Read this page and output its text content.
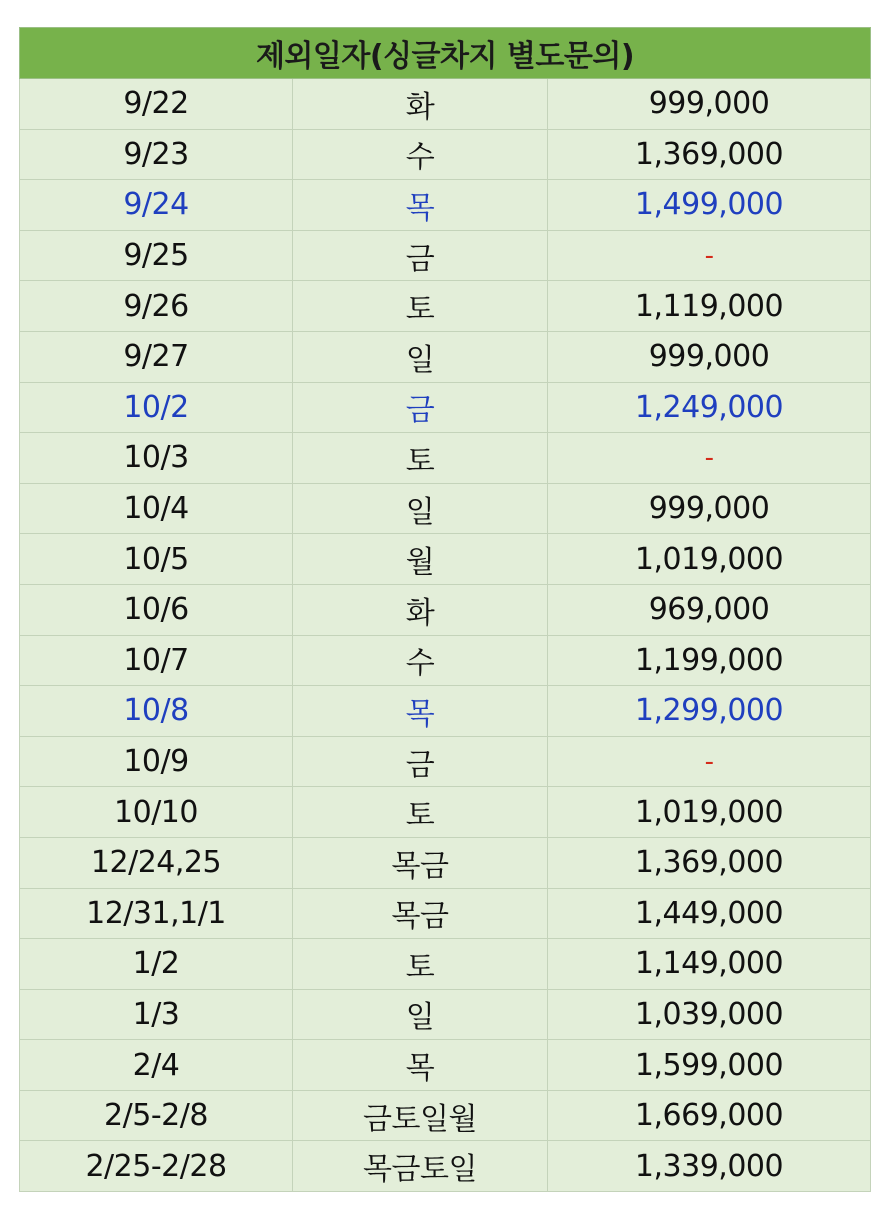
제외일자(싱글차지 별도문의)		
9/22	화	999,000
9/23	수	1,369,000
9/24	목	1,499,000
9/25	금	-
9/26	토	1,119,000
9/27	일	999,000
10/2	금	1,249,000
10/3	토	-
10/4	일	999,000
10/5	월	1,019,000
10/6	화	969,000
10/7	수	1,199,000
10/8	목	1,299,000
10/9	금	-
10/10	토	1,019,000
12/24,25	목금	1,369,000
12/31,1/1	목금	1,449,000
1/2	토	1,149,000
1/3	일	1,039,000
2/4	목	1,599,000
2/5-2/8	금토일월	1,669,000
2/25-2/28	목금토일	1,339,000
